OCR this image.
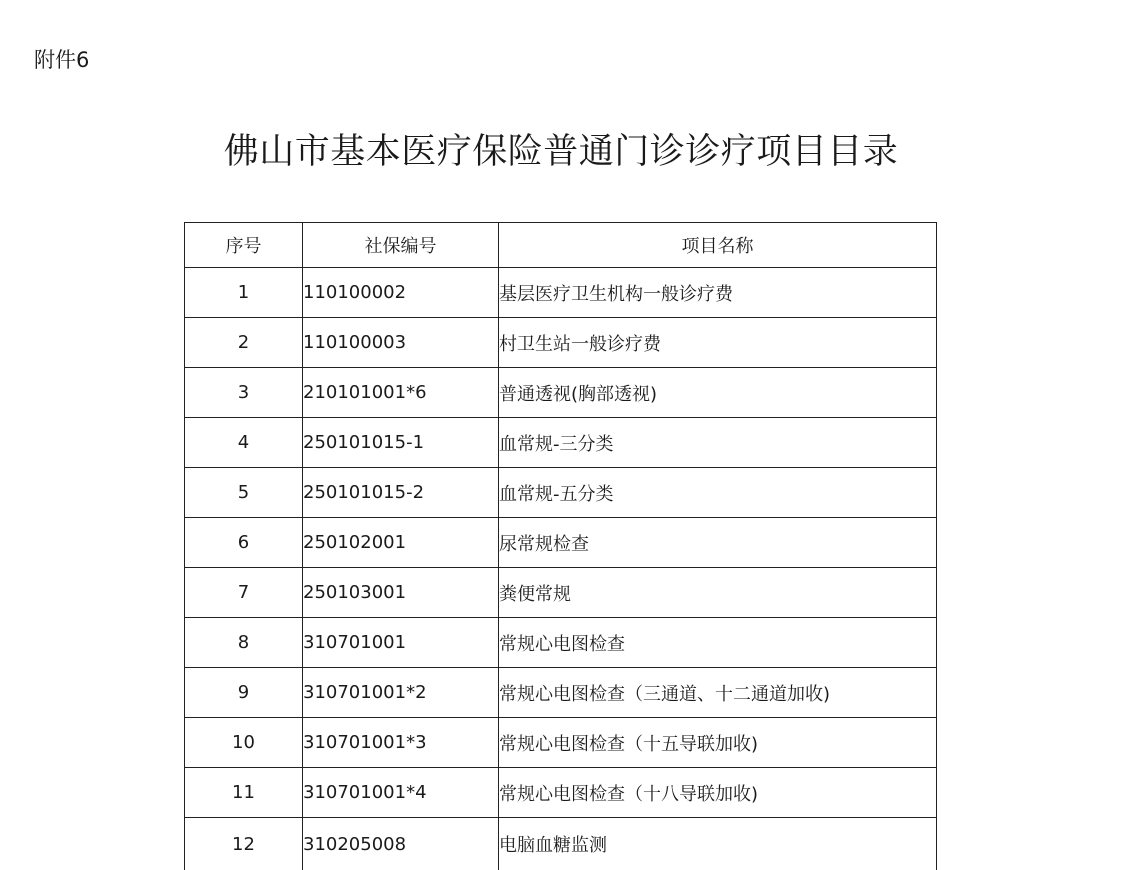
附件6
佛山市基本医疗保险普通门诊诊疗项目目录
序号	社保编号	项目名称
1	110100002	基层医疗卫生机构一般诊疗费
2	110100003	村卫生站一般诊疗费
3	210101001*6	普通透视(胸部透视)
4	250101015-1	血常规-三分类
5	250101015-2	血常规-五分类
6	250102001	尿常规检查
7	250103001	粪便常规
8	310701001	常规心电图检查
9	310701001*2	常规心电图检查（三通道、十二通道加收)
10	310701001*3	常规心电图检查（十五导联加收)
11	310701001*4	常规心电图检查（十八导联加收)
12	310205008	电脑血糖监测
